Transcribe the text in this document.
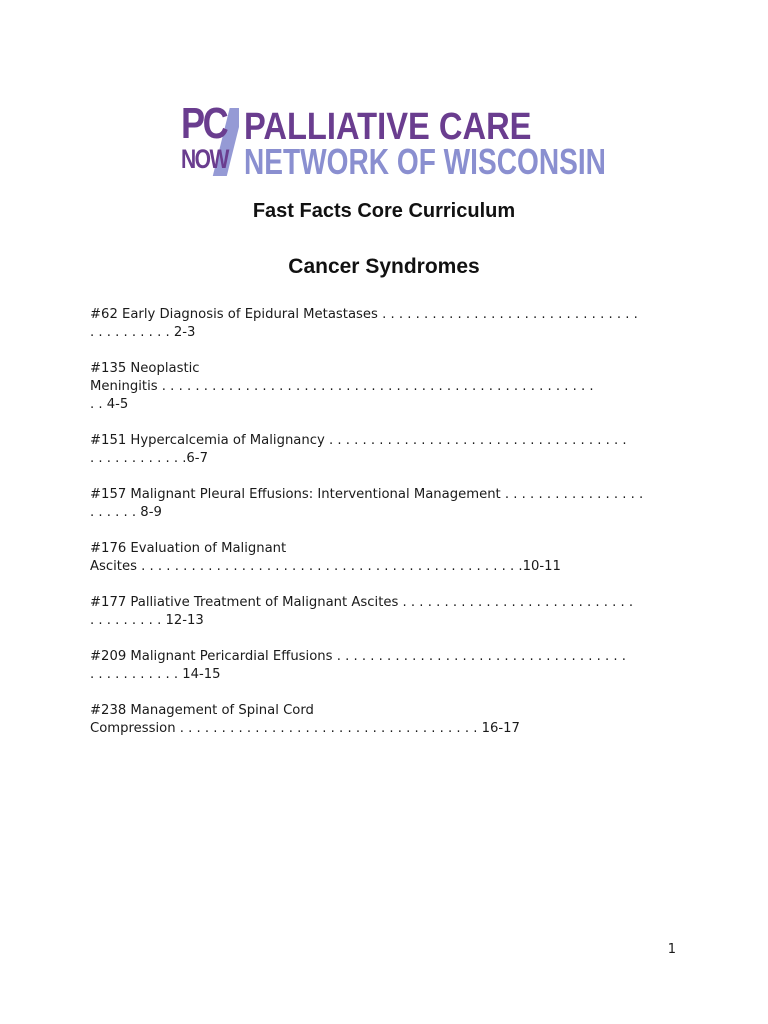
PC
NOW
PALLIATIVE CARE
NETWORK OF WISCONSIN
Fast Facts Core Curriculum
Cancer Syndromes

#62 Early Diagnosis of Epidural Metastases . . . . . . . . . . . . . . . . . . . . . . . . . . . . . . .
. . . . . . . . . . 2-3

#135 Neoplastic
Meningitis . . . . . . . . . . . . . . . . . . . . . . . . . . . . . . . . . . . . . . . . . . . . . . . . . . . .
. . 4-5

#151 Hypercalcemia of Malignancy . . . . . . . . . . . . . . . . . . . . . . . . . . . . . . . . . . . .
. . . . . . . . . . . .6-7

#157 Malignant Pleural Effusions: Interventional Management . . . . . . . . . . . . . . . . .
. . . . . . 8-9

#176 Evaluation of Malignant
Ascites . . . . . . . . . . . . . . . . . . . . . . . . . . . . . . . . . . . . . . . . . . . . . .10-11

#177 Palliative Treatment of Malignant Ascites . . . . . . . . . . . . . . . . . . . . . . . . . . . .
. . . . . . . . . 12-13

#209 Malignant Pericardial Effusions . . . . . . . . . . . . . . . . . . . . . . . . . . . . . . . . . . .
. . . . . . . . . . . 14-15

#238 Management of Spinal Cord
Compression . . . . . . . . . . . . . . . . . . . . . . . . . . . . . . . . . . . . 16-17

1
